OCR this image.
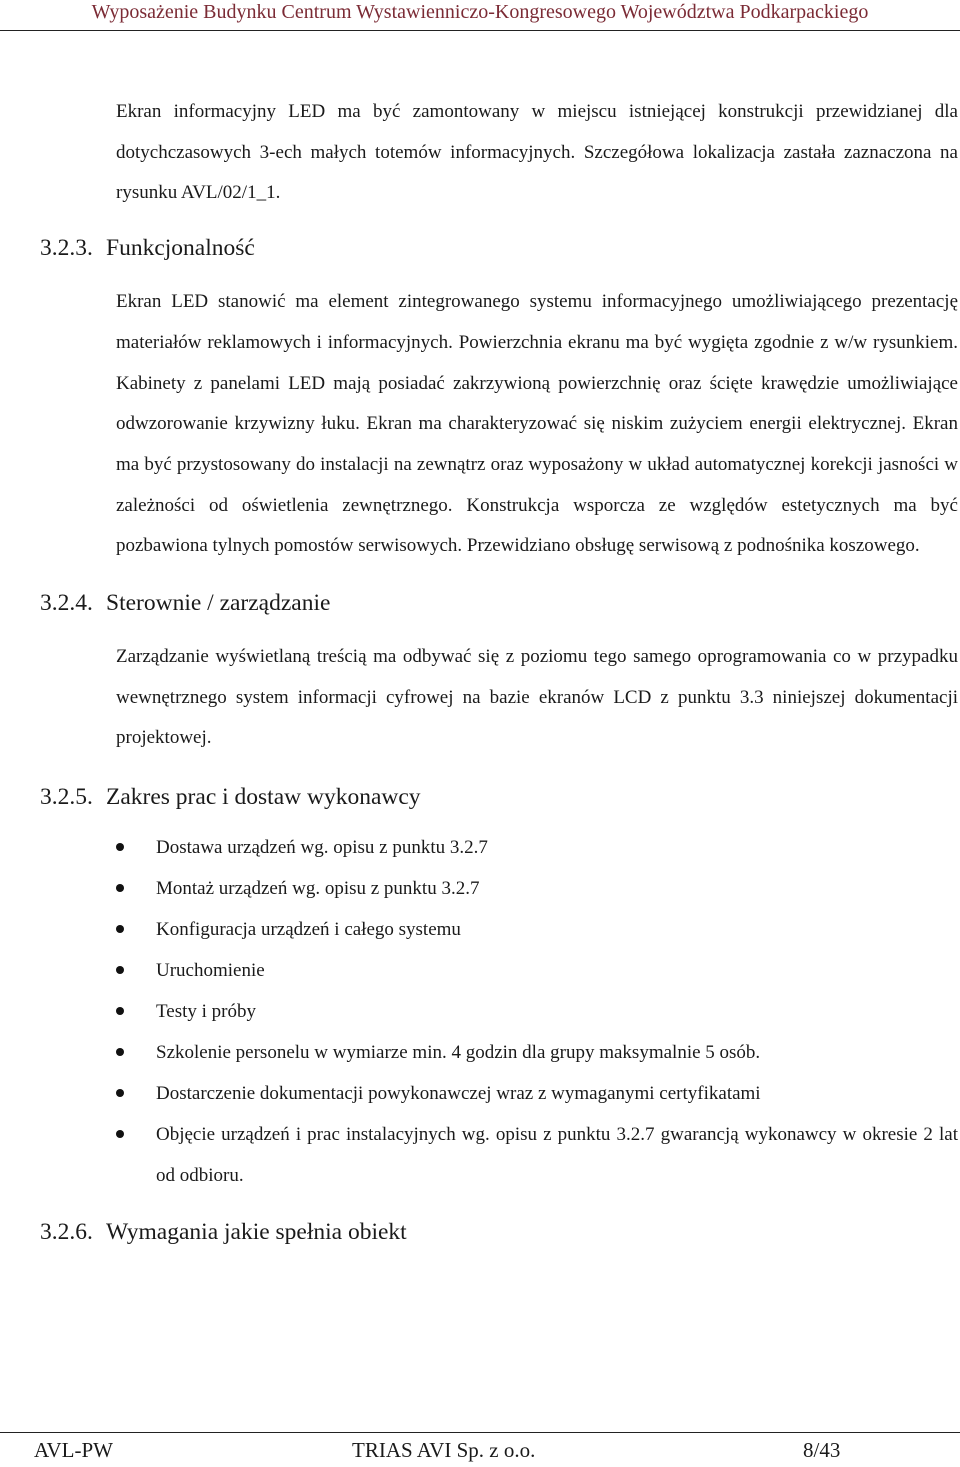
Wyposażenie Budynku Centrum Wystawienniczo-Kongresowego Województwa Podkarpackiego

Ekran informacyjny LED ma być zamontowany w miejscu istniejącej konstrukcji przewidzianej dla dotychczasowych 3-ech małych totemów informacyjnych. Szczegółowa lokalizacja zastała zaznaczona na rysunku AVL/02/1_1.

3.2.3. Funkcjonalność

Ekran LED stanowić ma element zintegrowanego systemu informacyjnego umożliwiającego prezentację materiałów reklamowych i informacyjnych. Powierzchnia ekranu ma być wygięta zgodnie z w/w rysunkiem. Kabinety z panelami LED mają posiadać zakrzywioną powierzchnię oraz ścięte krawędzie umożliwiające odwzorowanie krzywizny łuku. Ekran ma charakteryzować się niskim zużyciem energii elektrycznej. Ekran ma być przystosowany do instalacji na zewnątrz oraz wyposażony w układ automatycznej korekcji jasności w zależności od oświetlenia zewnętrznego. Konstrukcja wsporcza ze względów estetycznych ma być pozbawiona tylnych pomostów serwisowych. Przewidziano obsługę serwisową z podnośnika koszowego.

3.2.4. Sterownie / zarządzanie

Zarządzanie wyświetlaną treścią ma odbywać się z poziomu tego samego oprogramowania co w przypadku wewnętrznego system informacji cyfrowej na bazie ekranów LCD z punktu 3.3 niniejszej dokumentacji projektowej.

3.2.5. Zakres prac i dostaw wykonawcy
Dostawa urządzeń wg. opisu z punktu 3.2.7
Montaż urządzeń wg. opisu z punktu 3.2.7
Konfiguracja urządzeń i całego systemu
Uruchomienie
Testy i próby
Szkolenie personelu w wymiarze min. 4 godzin dla grupy maksymalnie 5 osób.
Dostarczenie dokumentacji powykonawczej wraz z wymaganymi certyfikatami
Objęcie urządzeń i prac instalacyjnych wg. opisu z punktu 3.2.7 gwarancją wykonawcy w okresie 2 lat od odbioru.
3.2.6. Wymagania jakie spełnia obiekt
AVL-PW	TRIAS AVI Sp. z o.o.	8/43
